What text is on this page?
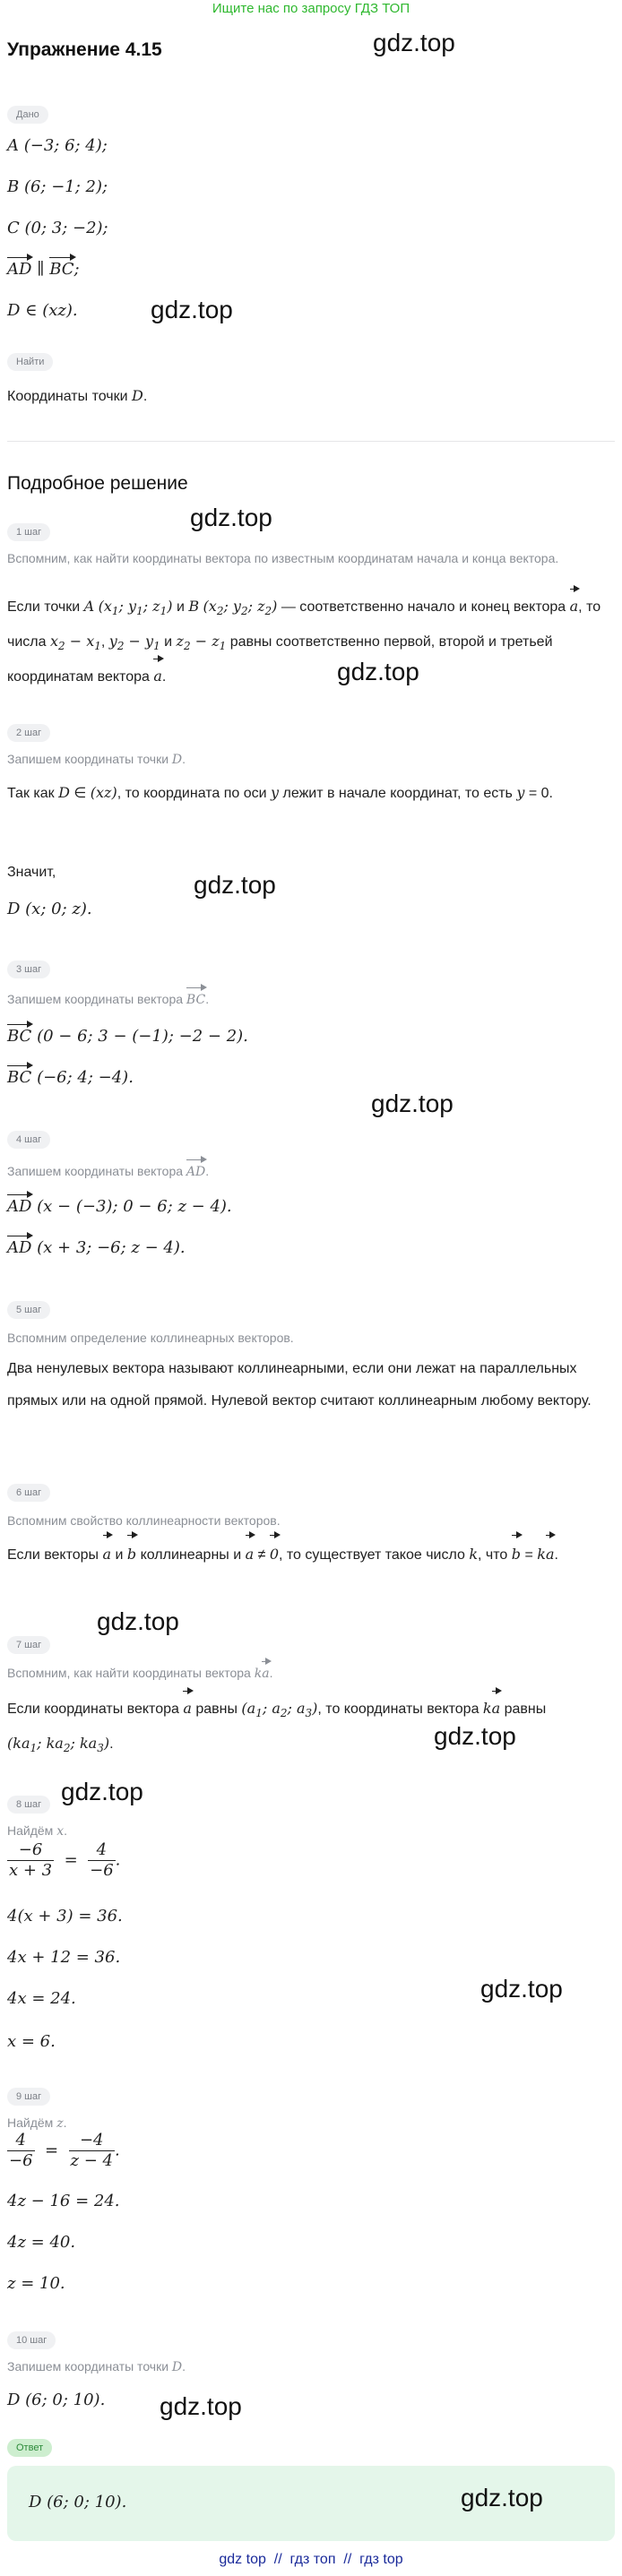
Ищите нас по запросу ГДЗ ТОП
Упражнение 4.15	gdz.top
Дано
A (−3; 6; 4);
B (6; −1; 2);
C (0; 3; −2);
AD ∥ BC;
D ∈ (xz).	gdz.top
Найти
Координаты точки D.
Подробное решение
gdz.top
1 шаг
Вспомним, как найти координаты вектора по известным координатам начала и конца вектора.
Если точки A ($x_1$; $y_1$; $z_1$) и B ($x_2$; $y_2$; $z_2$) — соответственно начало и конец вектора a, то числа $x_2 - x_1$, $y_2 - y_1$ и $z_2 - z_1$ равны соответственно первой, второй и третьей координатам вектора a.	gdz.top
2 шаг
Запишем координаты точки D.
Так как D ∈ (xz), то координата по оси y лежит в начале координат, то есть y = 0.
gdz.top
Значит,
D (x; 0; z).
3 шаг
Запишем координаты вектора BC.
BC (0 − 6; 3 − (−1); −2 − 2).
BC (−6; 4; −4).
gdz.top
4 шаг
Запишем координаты вектора AD.
AD (x − (−3); 0 − 6; z − 4).
AD (x + 3; −6; z − 4).
5 шаг
Вспомним определение коллинеарных векторов.
Два ненулевых вектора называют коллинеарными, если они лежат на параллельных прямых или на одной прямой. Нулевой вектор считают коллинеарным любому вектору.
6 шаг
Вспомним свойство коллинеарности векторов.
Если векторы a и b коллинеарны и a ≠ 0, то существует такое число k, что b = ka.
gdz.top
7 шаг
Вспомним, как найти координаты вектора ka.
Если координаты вектора a равны ($a_1$; $a_2$; $a_3$), то координаты вектора ka равны ($ka_1$; $ka_2$; $ka_3$).	gdz.top
gdz.top
8 шаг
Найдём x.
$\frac{-6}{x + 3} = \frac{4}{-6}$ .
4(x + 3) = 36.
4x + 12 = 36.
4x = 24.	gdz.top
x = 6.
9 шаг
Найдём z.
$\frac{4}{-6} = \frac{-4}{z - 4}$ .
4z − 16 = 24.
4z = 40.
z = 10.
10 шаг
Запишем координаты точки D.
D (6; 0; 10). gdz.top
Ответ
D (6; 0; 10).	gdz.top
gdz top  //  гдз топ  //  гдз top
